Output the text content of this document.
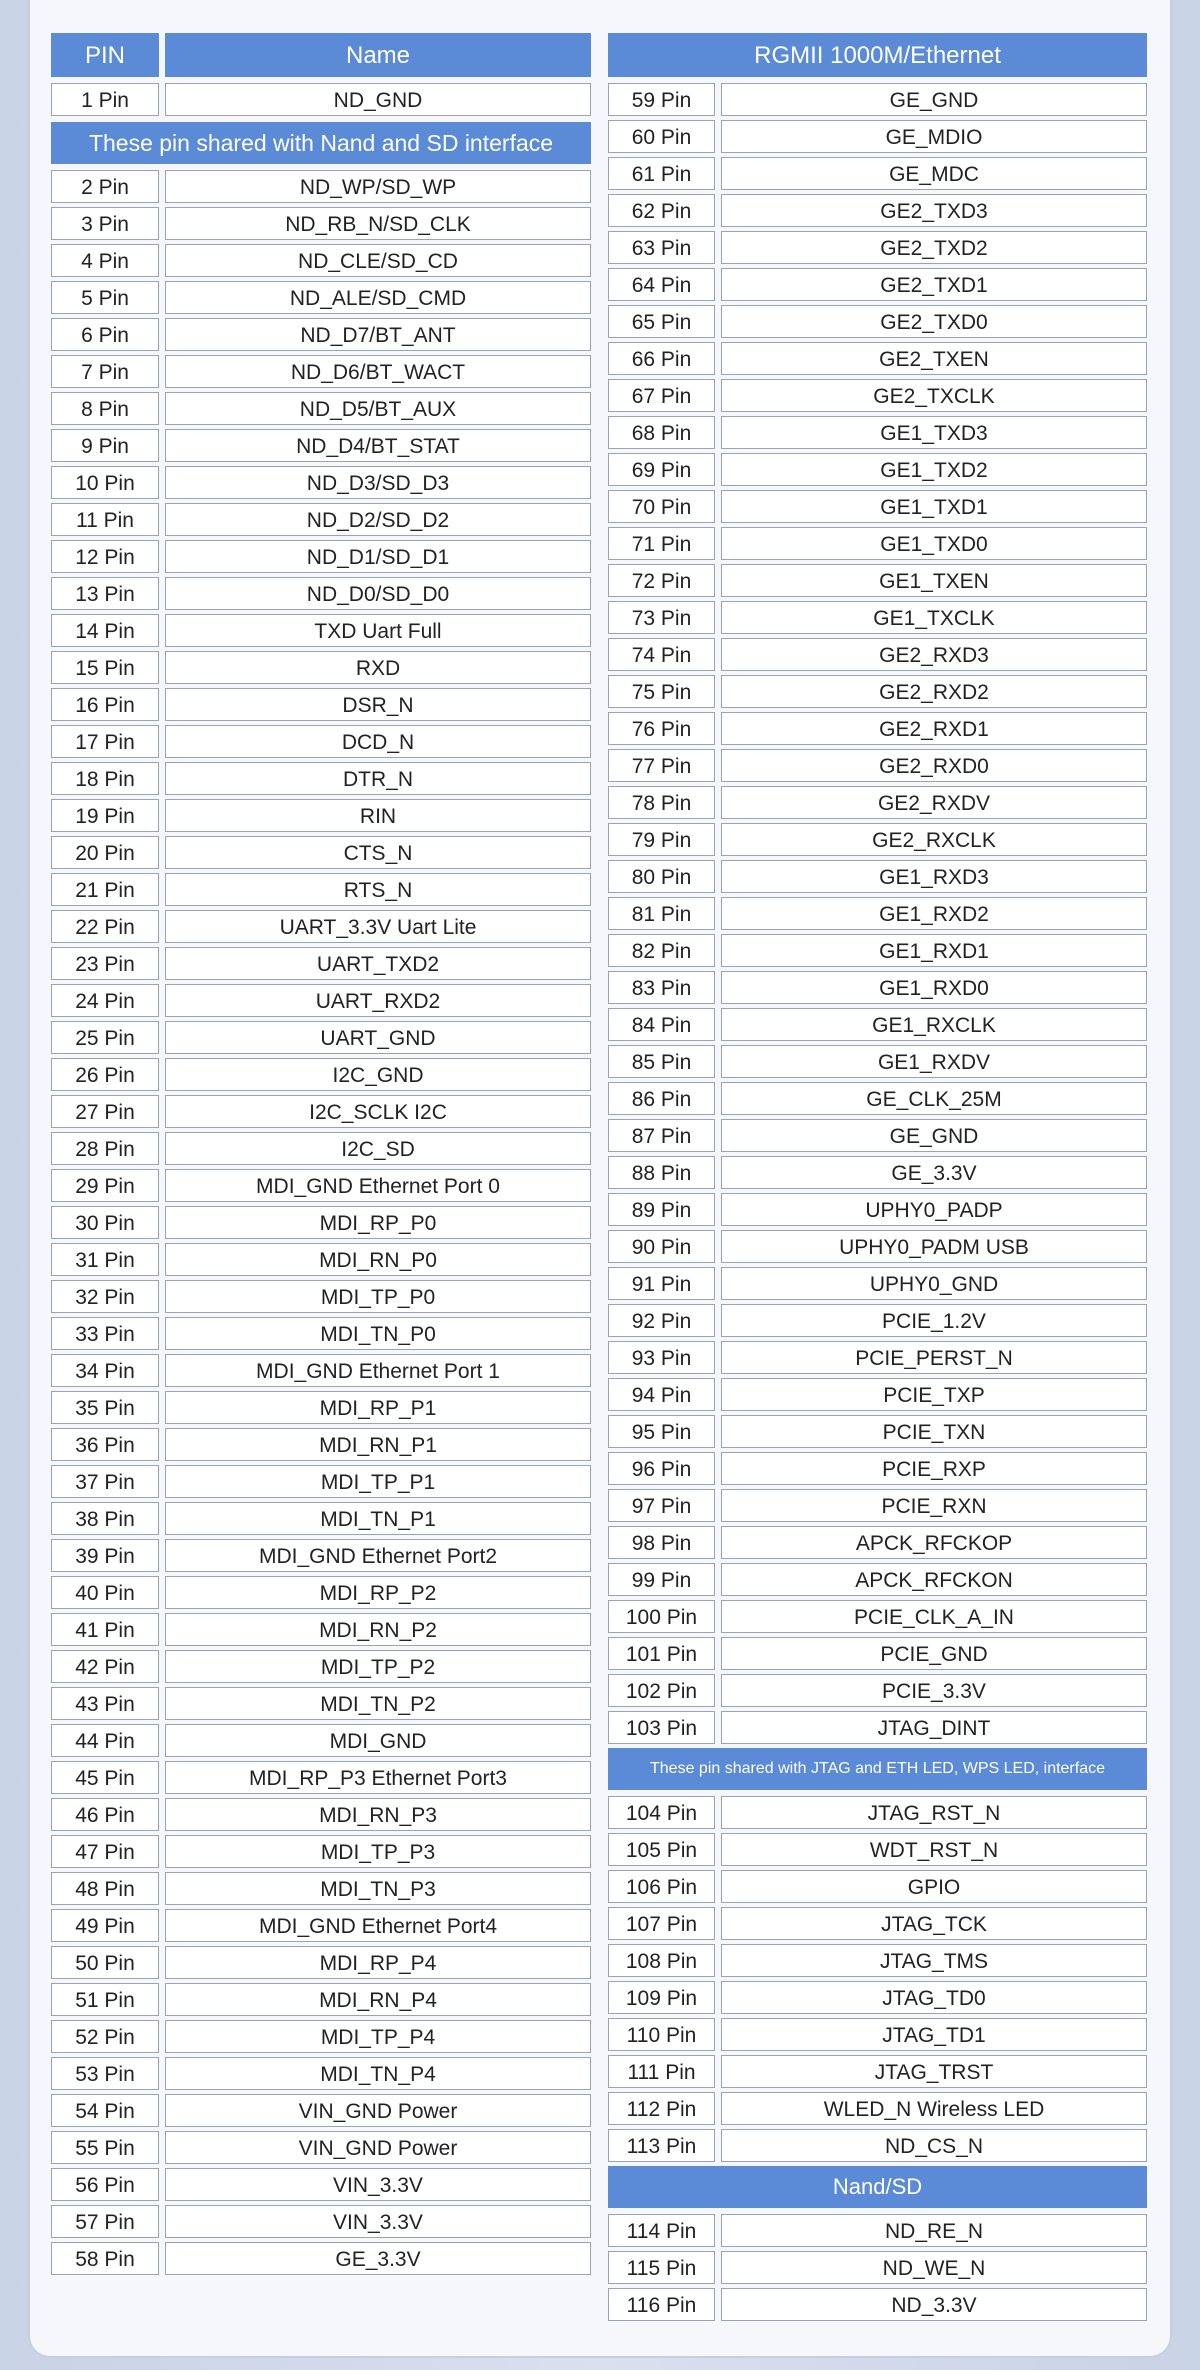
PIN	Name
1 Pin	ND_GND
These pin shared with Nand and SD interface
2 Pin	ND_WP/SD_WP
3 Pin	ND_RB_N/SD_CLK
4 Pin	ND_CLE/SD_CD
5 Pin	ND_ALE/SD_CMD
6 Pin	ND_D7/BT_ANT
7 Pin	ND_D6/BT_WACT
8 Pin	ND_D5/BT_AUX
9 Pin	ND_D4/BT_STAT
10 Pin	ND_D3/SD_D3
11 Pin	ND_D2/SD_D2
12 Pin	ND_D1/SD_D1
13 Pin	ND_D0/SD_D0
14 Pin	TXD Uart Full
15 Pin	RXD
16 Pin	DSR_N
17 Pin	DCD_N
18 Pin	DTR_N
19 Pin	RIN
20 Pin	CTS_N
21 Pin	RTS_N
22 Pin	UART_3.3V Uart Lite
23 Pin	UART_TXD2
24 Pin	UART_RXD2
25 Pin	UART_GND
26 Pin	I2C_GND
27 Pin	I2C_SCLK I2C
28 Pin	I2C_SD
29 Pin	MDI_GND Ethernet Port 0
30 Pin	MDI_RP_P0
31 Pin	MDI_RN_P0
32 Pin	MDI_TP_P0
33 Pin	MDI_TN_P0
34 Pin	MDI_GND Ethernet Port 1
35 Pin	MDI_RP_P1
36 Pin	MDI_RN_P1
37 Pin	MDI_TP_P1
38 Pin	MDI_TN_P1
39 Pin	MDI_GND Ethernet Port2
40 Pin	MDI_RP_P2
41 Pin	MDI_RN_P2
42 Pin	MDI_TP_P2
43 Pin	MDI_TN_P2
44 Pin	MDI_GND
45 Pin	MDI_RP_P3 Ethernet Port3
46 Pin	MDI_RN_P3
47 Pin	MDI_TP_P3
48 Pin	MDI_TN_P3
49 Pin	MDI_GND Ethernet Port4
50 Pin	MDI_RP_P4
51 Pin	MDI_RN_P4
52 Pin	MDI_TP_P4
53 Pin	MDI_TN_P4
54 Pin	VIN_GND Power
55 Pin	VIN_GND Power
56 Pin	VIN_3.3V
57 Pin	VIN_3.3V
58 Pin	GE_3.3V
RGMII 1000M/Ethernet
59 Pin	GE_GND
60 Pin	GE_MDIO
61 Pin	GE_MDC
62 Pin	GE2_TXD3
63 Pin	GE2_TXD2
64 Pin	GE2_TXD1
65 Pin	GE2_TXD0
66 Pin	GE2_TXEN
67 Pin	GE2_TXCLK
68 Pin	GE1_TXD3
69 Pin	GE1_TXD2
70 Pin	GE1_TXD1
71 Pin	GE1_TXD0
72 Pin	GE1_TXEN
73 Pin	GE1_TXCLK
74 Pin	GE2_RXD3
75 Pin	GE2_RXD2
76 Pin	GE2_RXD1
77 Pin	GE2_RXD0
78 Pin	GE2_RXDV
79 Pin	GE2_RXCLK
80 Pin	GE1_RXD3
81 Pin	GE1_RXD2
82 Pin	GE1_RXD1
83 Pin	GE1_RXD0
84 Pin	GE1_RXCLK
85 Pin	GE1_RXDV
86 Pin	GE_CLK_25M
87 Pin	GE_GND
88 Pin	GE_3.3V
89 Pin	UPHY0_PADP
90 Pin	UPHY0_PADM USB
91 Pin	UPHY0_GND
92 Pin	PCIE_1.2V
93 Pin	PCIE_PERST_N
94 Pin	PCIE_TXP
95 Pin	PCIE_TXN
96 Pin	PCIE_RXP
97 Pin	PCIE_RXN
98 Pin	APCK_RFCKOP
99 Pin	APCK_RFCKON
100 Pin	PCIE_CLK_A_IN
101 Pin	PCIE_GND
102 Pin	PCIE_3.3V
103 Pin	JTAG_DINT
These pin shared with JTAG and ETH LED, WPS LED, interface
104 Pin	JTAG_RST_N
105 Pin	WDT_RST_N
106 Pin	GPIO
107 Pin	JTAG_TCK
108 Pin	JTAG_TMS
109 Pin	JTAG_TD0
110 Pin	JTAG_TD1
111 Pin	JTAG_TRST
112 Pin	WLED_N Wireless LED
113 Pin	ND_CS_N
Nand/SD
114 Pin	ND_RE_N
115 Pin	ND_WE_N
116 Pin	ND_3.3V
